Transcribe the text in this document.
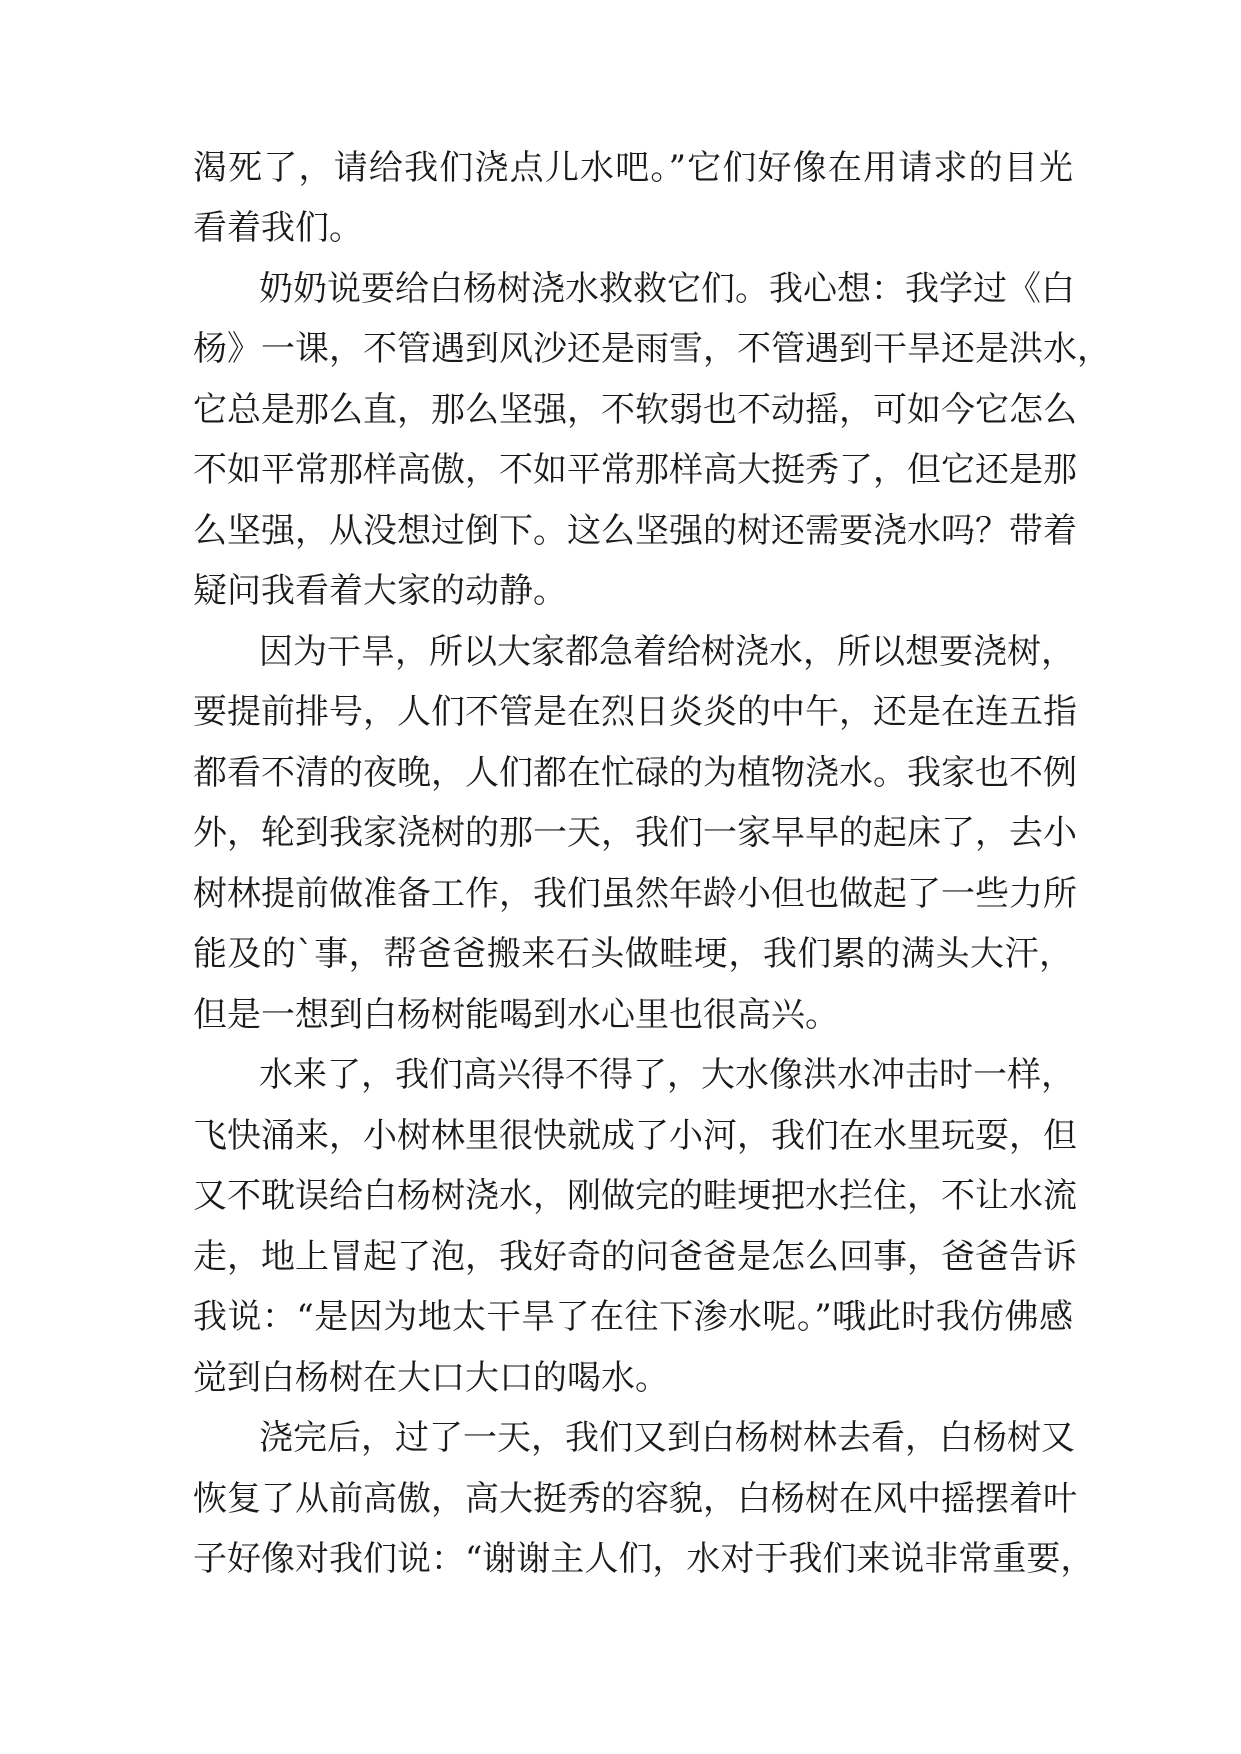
渴死了，请给我们浇点儿水吧。”它们好像在用请求的目光
看着我们。
奶奶说要给白杨树浇水救救它们。我心想：我学过《白
杨》一课，不管遇到风沙还是雨雪，不管遇到干旱还是洪水，
它总是那么直，那么坚强，不软弱也不动摇，可如今它怎么
不如平常那样高傲，不如平常那样高大挺秀了，但它还是那
么坚强，从没想过倒下。这么坚强的树还需要浇水吗？带着
疑问我看着大家的动静。
因为干旱，所以大家都急着给树浇水，所以想要浇树，
要提前排号，人们不管是在烈日炎炎的中午，还是在连五指
都看不清的夜晚，人们都在忙碌的为植物浇水。我家也不例
外，轮到我家浇树的那一天，我们一家早早的起床了，去小
树林提前做准备工作，我们虽然年龄小但也做起了一些力所
能及的`事，帮爸爸搬来石头做畦埂，我们累的满头大汗，
但是一想到白杨树能喝到水心里也很高兴。
水来了，我们高兴得不得了，大水像洪水冲击时一样，
飞快涌来，小树林里很快就成了小河，我们在水里玩耍，但
又不耽误给白杨树浇水，刚做完的畦埂把水拦住，不让水流
走，地上冒起了泡，我好奇的问爸爸是怎么回事，爸爸告诉
我说：“是因为地太干旱了在往下渗水呢。”哦此时我仿佛感
觉到白杨树在大口大口的喝水。
浇完后，过了一天，我们又到白杨树林去看，白杨树又
恢复了从前高傲，高大挺秀的容貌，白杨树在风中摇摆着叶
子好像对我们说：“谢谢主人们，水对于我们来说非常重要，
